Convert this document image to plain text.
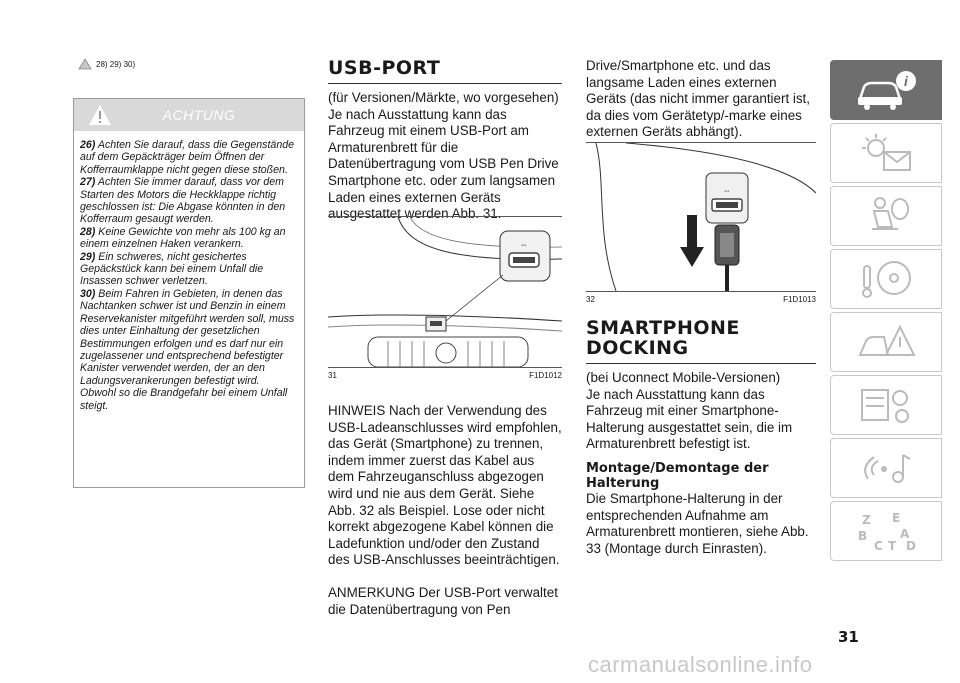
28) 29) 30)
ACHTUNG

26) Achten Sie darauf, dass die Gegenstände auf dem Gepäckträger beim Öffnen der Kofferraumklappe nicht gegen diese stoßen.

27) Achten Sie immer darauf, dass vor dem Starten des Motors die Heckklappe richtig geschlossen ist: Die Abgase könnten in den Kofferraum gesaugt werden.

28) Keine Gewichte von mehr als 100 kg an einem einzelnen Haken verankern.

29) Ein schweres, nicht gesichertes Gepäckstück kann bei einem Unfall die Insassen schwer verletzen.

30) Beim Fahren in Gebieten, in denen das Nachtanken schwer ist und Benzin in einem Reservekanister mitgeführt werden soll, muss dies unter Einhaltung der gesetzlichen Bestimmungen erfolgen und es darf nur ein zugelassener und entsprechend befestigter Kanister verwendet werden, der an den Ladungsverankerungen befestigt wird. Obwohl so die Brandgefahr bei einem Unfall steigt.

USB-PORT

(für Versionen/Märkte, wo vorgesehen)

Je nach Ausstattung kann das Fahrzeug mit einem USB-Port am Armaturenbrett für die Datenübertragung vom USB Pen Drive Smartphone etc. oder zum langsamen Laden eines externen Geräts ausgestattet werden Abb. 31.

⇔
31	F1D1012

HINWEIS Nach der Verwendung des USB-Ladeanschlusses wird empfohlen, das Gerät (Smartphone) zu trennen, indem immer zuerst das Kabel aus dem Fahrzeuganschluss abgezogen wird und nie aus dem Gerät. Siehe Abb. 32 als Beispiel. Lose oder nicht korrekt abgezogene Kabel können die Ladefunktion und/oder den Zustand des USB-Anschlusses beeinträchtigen.

ANMERKUNG Der USB-Port verwaltet die Datenübertragung von Pen

Drive/Smartphone etc. und das langsame Laden eines externen Geräts (das nicht immer garantiert ist, da dies vom Gerätetyp/-marke eines externen Geräts abhängt).

⇔
32	F1D1013
SMARTPHONE DOCKING

(bei Uconnect Mobile-Versionen)

Je nach Ausstattung kann das Fahrzeug mit einer Smartphone-Halterung ausgestattet sein, die im Armaturenbrett befestigt ist.

Montage/Demontage der Halterung

Die Smartphone-Halterung in der entsprechenden Aufnahme am Armaturenbrett montieren, siehe Abb. 33 (Montage durch Einrasten).

i
Z E
B	A
C T D
31
carmanualsonline.info
